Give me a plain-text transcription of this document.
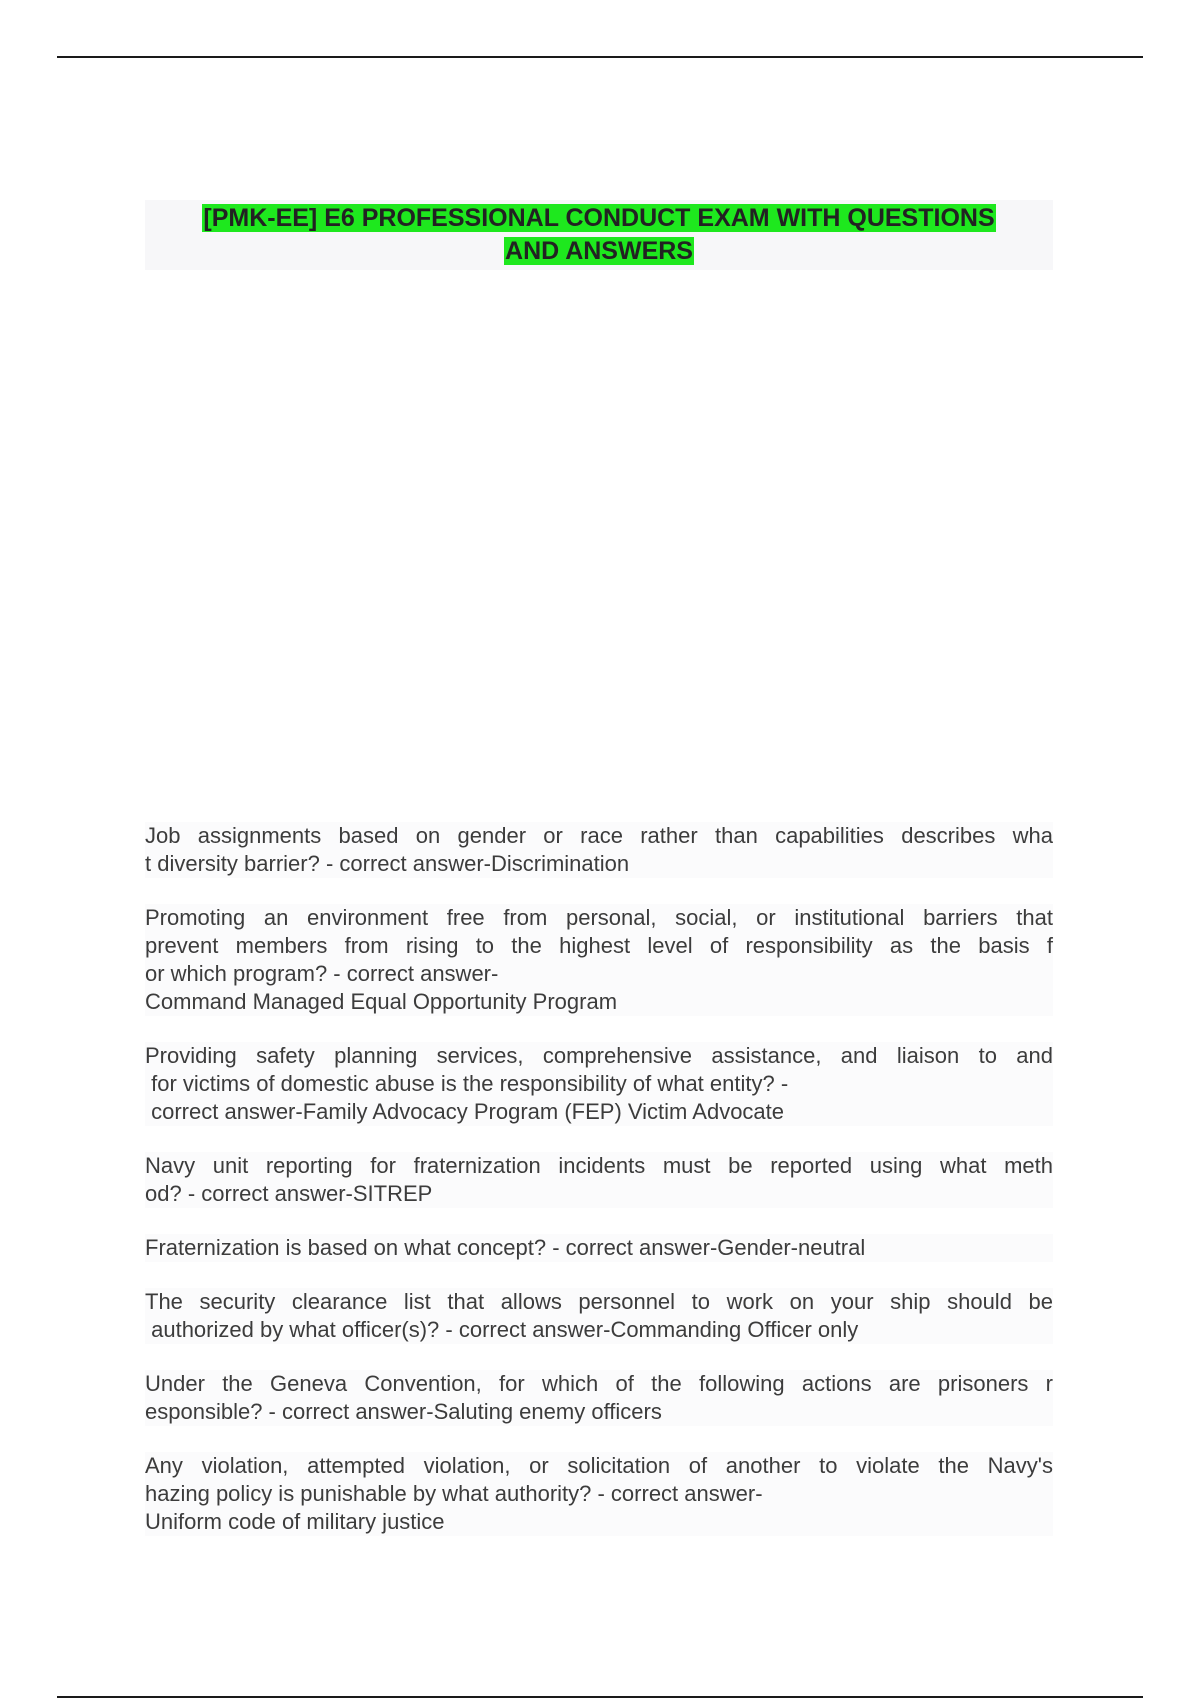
[PMK-EE] E6 PROFESSIONAL CONDUCT EXAM WITH QUESTIONS
AND ANSWERS
Job assignments based on gender or race rather than capabilities describes wha
t diversity barrier? - correct answer-Discrimination
Promoting an environment free from personal, social, or institutional barriers that
prevent members from rising to the highest level of responsibility as the basis f
or which program? - correct answer-
Command Managed Equal Opportunity Program
Providing safety planning services, comprehensive assistance, and liaison to and
for victims of domestic abuse is the responsibility of what entity? -
correct answer-Family Advocacy Program (FEP) Victim Advocate
Navy unit reporting for fraternization incidents must be reported using what meth
od? - correct answer-SITREP
Fraternization is based on what concept? - correct answer-Gender-neutral
The security clearance list that allows personnel to work on your ship should be
authorized by what officer(s)? - correct answer-Commanding Officer only
Under the Geneva Convention, for which of the following actions are prisoners r
esponsible? - correct answer-Saluting enemy officers
Any violation, attempted violation, or solicitation of another to violate the Navy's
hazing policy is punishable by what authority? - correct answer-
Uniform code of military justice
